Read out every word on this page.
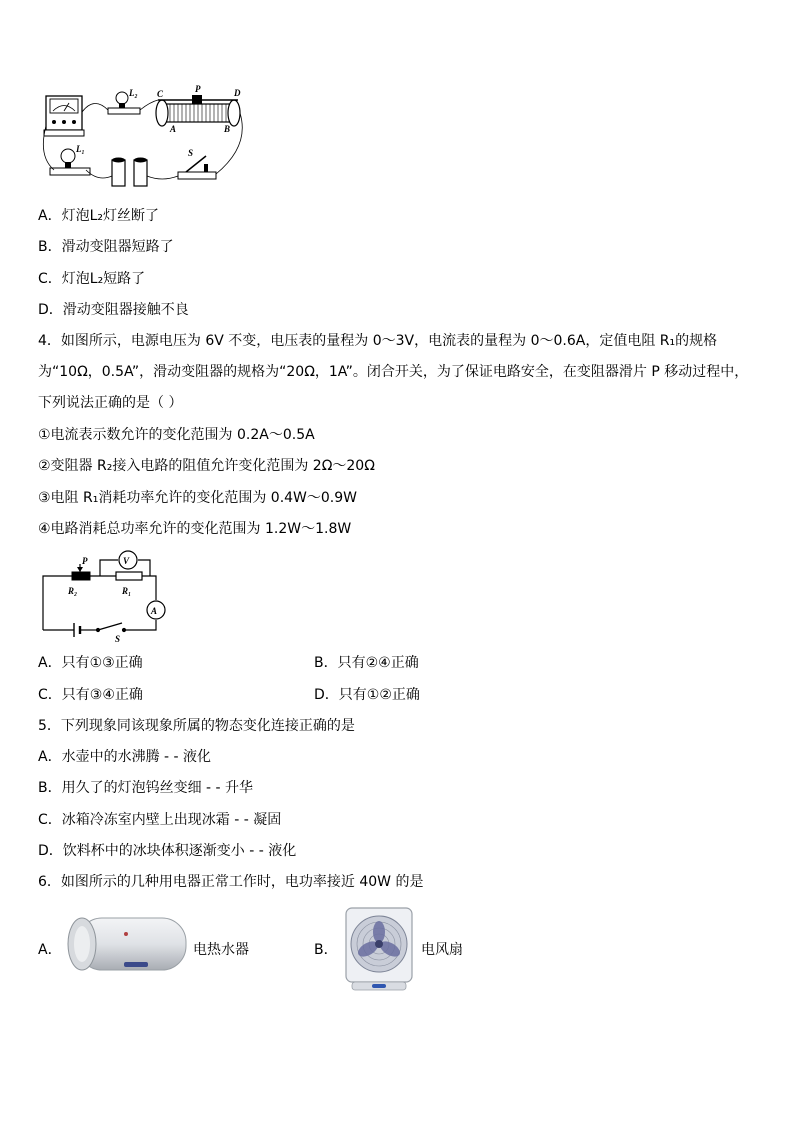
L₂ C	P	D
A	B
L₁	S
A．灯泡L₂灯丝断了
B．滑动变阻器短路了
C．灯泡L₂短路了
D．滑动变阻器接触不良
4．如图所示，电源电压为 6V 不变，电压表的量程为 0～3V，电流表的量程为 0～0.6A，定值电阻 R₁的规格为“10Ω，0.5A”，滑动变阻器的规格为“20Ω，1A”。闭合开关，为了保证电路安全，在变阻器滑片 P 移动过程中，下列说法正确的是（ ）
①电流表示数允许的变化范围为 0.2A～0.5A
②变阻器 R₂接入电路的阻值允许变化范围为 2Ω～20Ω
③电阻 R₁消耗功率允许的变化范围为 0.4W～0.9W
④电路消耗总功率允许的变化范围为 1.2W～1.8W
P
R₂	R₁
V
A
S
A．只有①③正确	B．只有②④正确
C．只有③④正确	D．只有①②正确
5．下列现象同该现象所属的物态变化连接正确的是
A．水壶中的水沸腾 - - 液化
B．用久了的灯泡钨丝变细 - - 升华
C．冰箱冷冻室内壁上出现冰霜 - - 凝固
D．饮料杯中的冰块体积逐渐变小 - - 液化
6．如图所示的几种用电器正常工作时，电功率接近 40W 的是
A．	电热水器	B．	电风扇
